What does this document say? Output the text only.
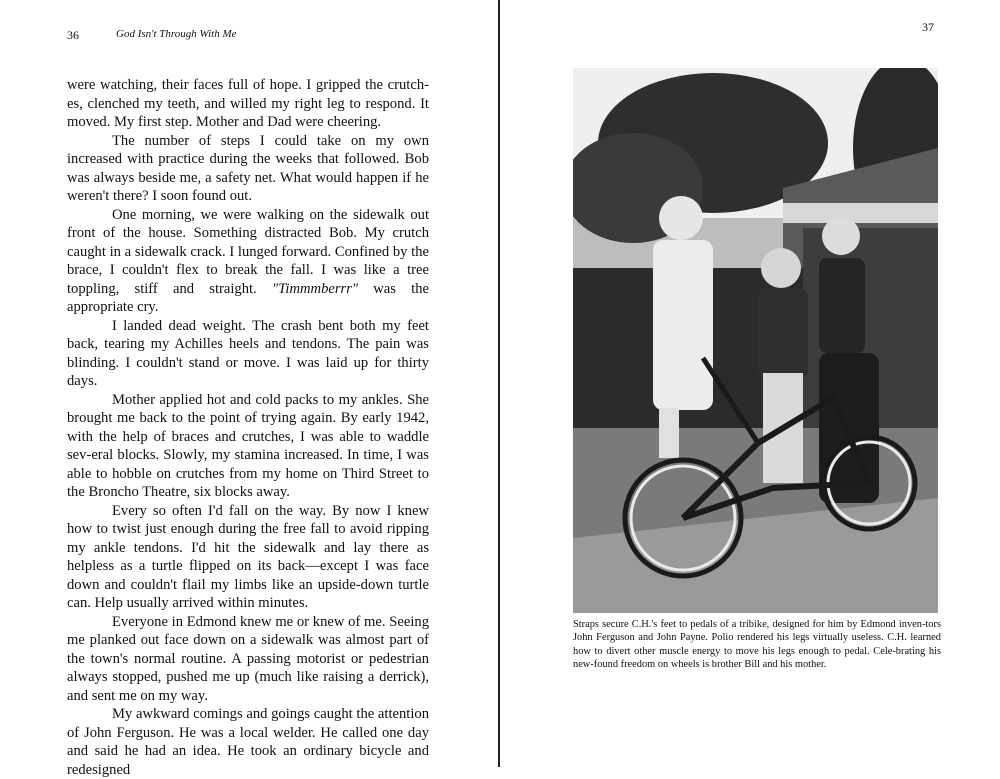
36	God Isn't Through With Me

were watching, their faces full of hope. I gripped the crutch-es, clenched my teeth, and willed my right leg to respond. It moved. My first step. Mother and Dad were cheering.

The number of steps I could take on my own increased with practice during the weeks that followed. Bob was always beside me, a safety net. What would happen if he weren't there? I soon found out.

One morning, we were walking on the sidewalk out front of the house. Something distracted Bob. My crutch caught in a sidewalk crack. I lunged forward. Confined by the brace, I couldn't flex to break the fall. I was like a tree toppling, stiff and straight. "Timmmberrr" was the appropriate cry.

I landed dead weight. The crash bent both my feet back, tearing my Achilles heels and tendons. The pain was blinding. I couldn't stand or move. I was laid up for thirty days.

Mother applied hot and cold packs to my ankles. She brought me back to the point of trying again. By early 1942, with the help of braces and crutches, I was able to waddle sev-eral blocks. Slowly, my stamina increased. In time, I was able to hobble on crutches from my home on Third Street to the Broncho Theatre, six blocks away.

Every so often I'd fall on the way. By now I knew how to twist just enough during the free fall to avoid ripping my ankle tendons. I'd hit the sidewalk and lay there as helpless as a turtle flipped on its back—except I was face down and couldn't flail my limbs like an upside-down turtle can. Help usually arrived within minutes.

Everyone in Edmond knew me or knew of me. Seeing me planked out face down on a sidewalk was almost part of the town's normal routine. A passing motorist or pedestrian always stopped, pushed me up (much like raising a derrick), and sent me on my way.

My awkward comings and goings caught the attention of John Ferguson. He was a local welder. He called one day and said he had an idea. He took an ordinary bicycle and redesigned

37
Straps secure C.H.'s feet to pedals of a tribike, designed for him by Edmond inven-tors John Ferguson and John Payne. Polio rendered his legs virtually useless. C.H. learned how to divert other muscle energy to move his legs enough to pedal. Cele-brating his new-found freedom on wheels is brother Bill and his mother.
